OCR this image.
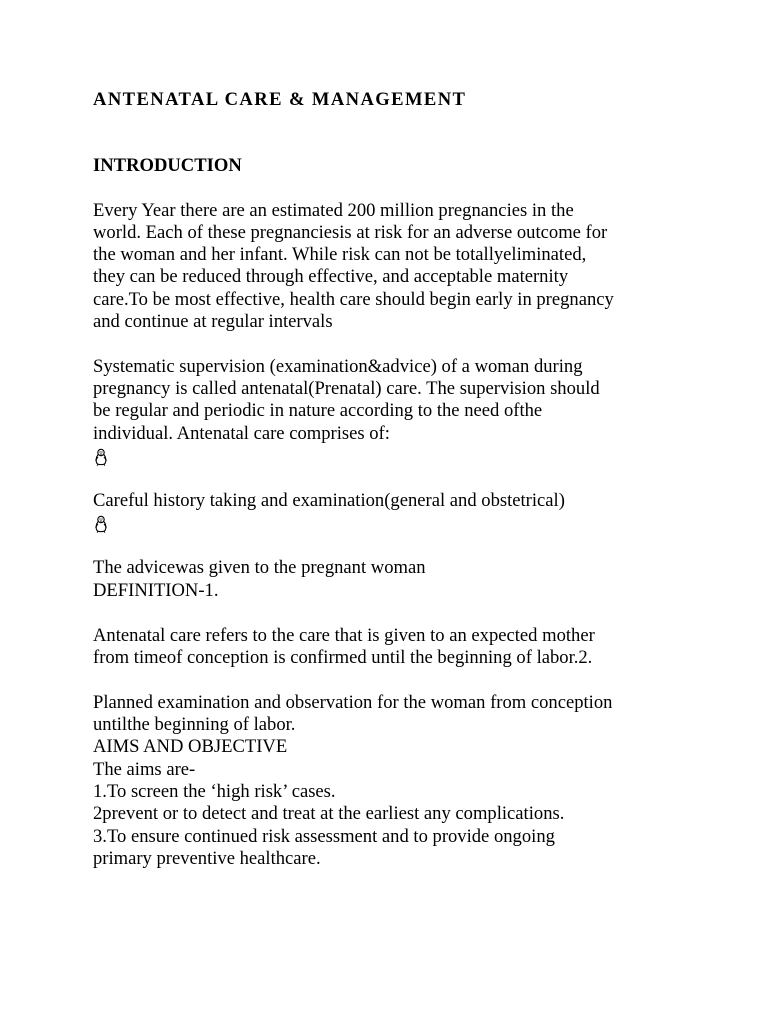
ANTENATAL CARE & MANAGEMENT
INTRODUCTION
Every Year there are an estimated 200 million pregnancies in the
world. Each of these pregnanciesis at risk for an adverse outcome for
the woman and her infant. While risk can not be totallyeliminated,
they can be reduced through effective, and acceptable maternity
care.To be most effective, health care should begin early in pregnancy
and continue at regular intervals
Systematic supervision (examination&advice) of a woman during
pregnancy is called antenatal(Prenatal) care. The supervision should
be regular and periodic in nature according to the need ofthe
individual. Antenatal care comprises of:
Careful history taking and examination(general and obstetrical)
The advicewas given to the pregnant woman
DEFINITION-1.
Antenatal care refers to the care that is given to an expected mother
from timeof conception is confirmed until the beginning of labor.2.
Planned examination and observation for the woman from conception
untilthe beginning of labor.
AIMS AND OBJECTIVE
The aims are-
1.To screen the ‘high risk’ cases.
2prevent or to detect and treat at the earliest any complications.
3.To ensure continued risk assessment and to provide ongoing
primary preventive healthcare.
